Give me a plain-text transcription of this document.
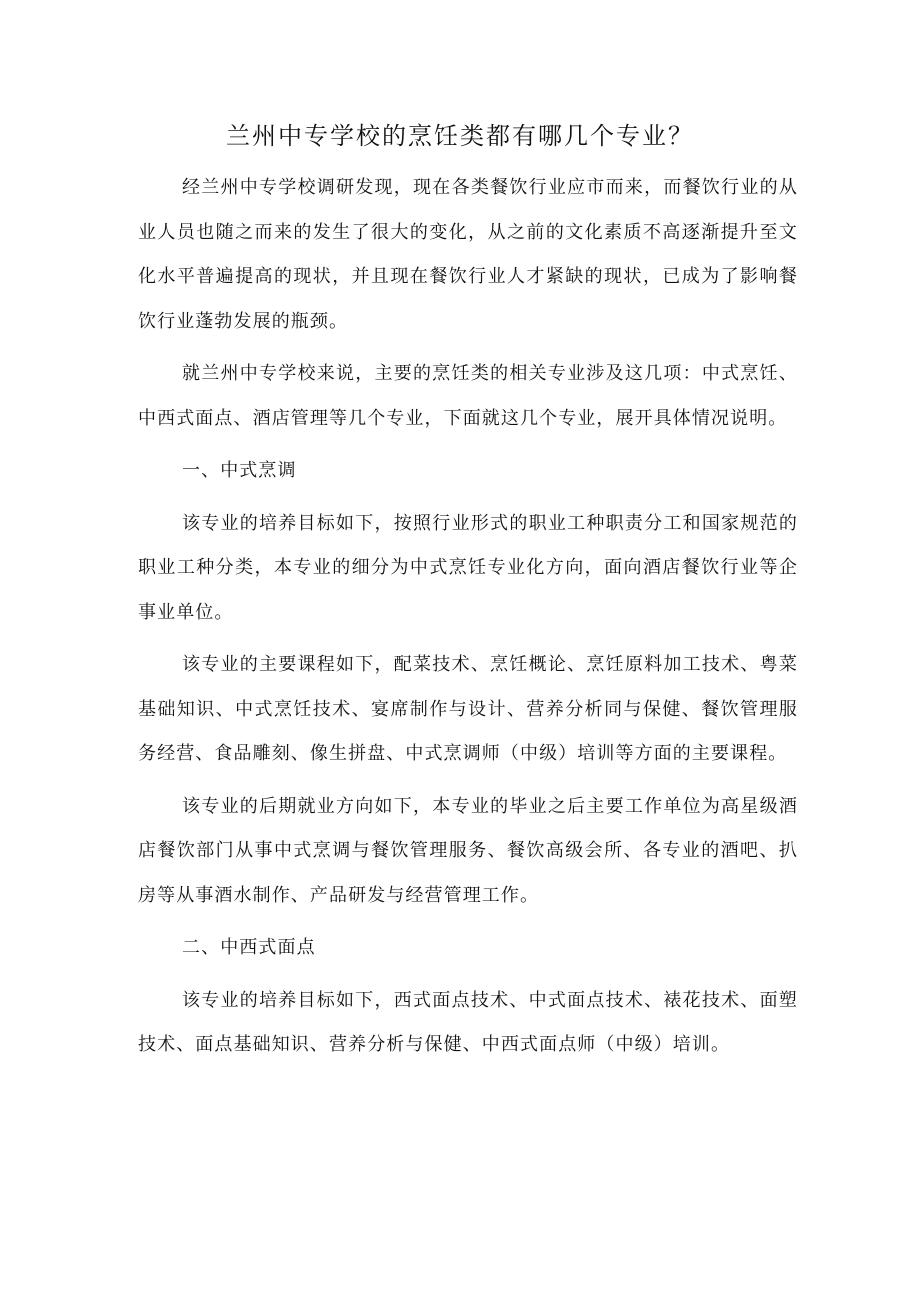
兰州中专学校的烹饪类都有哪几个专业？

经兰州中专学校调研发现，现在各类餐饮行业应市而来，而餐饮行业的从业人员也随之而来的发生了很大的变化，从之前的文化素质不高逐渐提升至文化水平普遍提高的现状，并且现在餐饮行业人才紧缺的现状，已成为了影响餐饮行业蓬勃发展的瓶颈。

就兰州中专学校来说，主要的烹饪类的相关专业涉及这几项：中式烹饪、中西式面点、酒店管理等几个专业，下面就这几个专业，展开具体情况说明。

一、中式烹调

该专业的培养目标如下，按照行业形式的职业工种职责分工和国家规范的职业工种分类，本专业的细分为中式烹饪专业化方向，面向酒店餐饮行业等企事业单位。

该专业的主要课程如下，配菜技术、烹饪概论、烹饪原料加工技术、粤菜基础知识、中式烹饪技术、宴席制作与设计、营养分析同与保健、餐饮管理服务经营、食品雕刻、像生拼盘、中式烹调师（中级）培训等方面的主要课程。

该专业的后期就业方向如下，本专业的毕业之后主要工作单位为高星级酒店餐饮部门从事中式烹调与餐饮管理服务、餐饮高级会所、各专业的酒吧、扒房等从事酒水制作、产品研发与经营管理工作。

二、中西式面点

该专业的培养目标如下，西式面点技术、中式面点技术、裱花技术、面塑技术、面点基础知识、营养分析与保健、中西式面点师（中级）培训。
